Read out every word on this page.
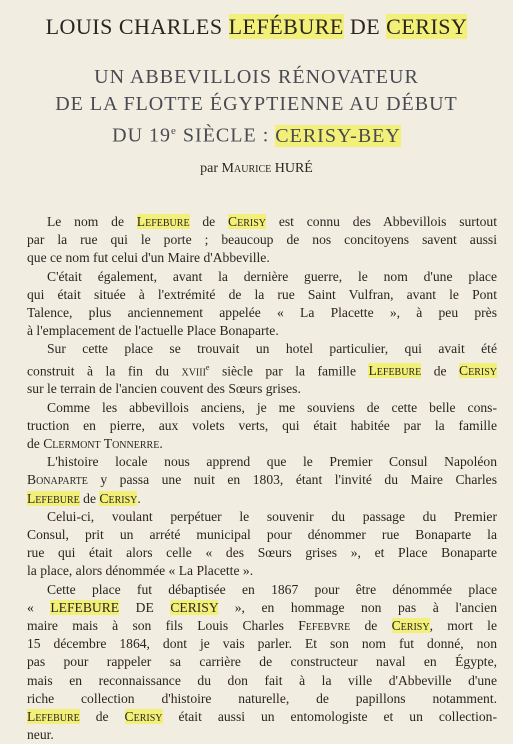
LOUIS CHARLES LEFÉBURE DE CERISY
UN ABBEVILLOIS RÉNOVATEUR
DE LA FLOTTE ÉGYPTIENNE AU DÉBUT
DU 19e SIÈCLE : CERISY-BEY
par Maurice HURÉ
Le nom de Lefebure de Cerisy est connu des Abbevillois surtout
par la rue qui le porte ; beaucoup de nos concitoyens savent aussi
que ce nom fut celui d'un Maire d'Abbeville.
C'était également, avant la dernière guerre, le nom d'une place
qui était située à l'extrémité de la rue Saint Vulfran, avant le Pont
Talence, plus anciennement appelée « La Placette », à peu près
à l'emplacement de l'actuelle Place Bonaparte.
Sur cette place se trouvait un hotel particulier, qui avait été
construit à la fin du xviii$^e$ siècle par la famille Lefebure de Cerisy
sur le terrain de l'ancien couvent des Sœurs grises.
Comme les abbevillois anciens, je me souviens de cette belle cons-
truction en pierre, aux volets verts, qui était habitée par la famille
de Clermont Tonnerre.
L'histoire locale nous apprend que le Premier Consul Napoléon
Bonaparte y passa une nuit en 1803, étant l'invité du Maire Charles
Lefebure de Cerisy.
Celui-ci, voulant perpétuer le souvenir du passage du Premier
Consul, prit un arrété municipal pour dénommer rue Bonaparte la
rue qui était alors celle « des Sœurs grises », et Place Bonaparte
la place, alors dénommée « La Placette ».
Cette place fut débaptisée en 1867 pour être dénommée place
« LEFEBURE DE CERISY », en hommage non pas à l'ancien
maire mais à son fils Louis Charles Fefebvre de Cerisy, mort le
15 décembre 1864, dont je vais parler. Et son nom fut donné, non
pas pour rappeler sa carrière de constructeur naval en Égypte,
mais en reconnaissance du don fait à la ville d'Abbeville d'une
riche collection d'histoire naturelle, de papillons notamment.
Lefebure de Cerisy était aussi un entomologiste et un collection-
neur.
